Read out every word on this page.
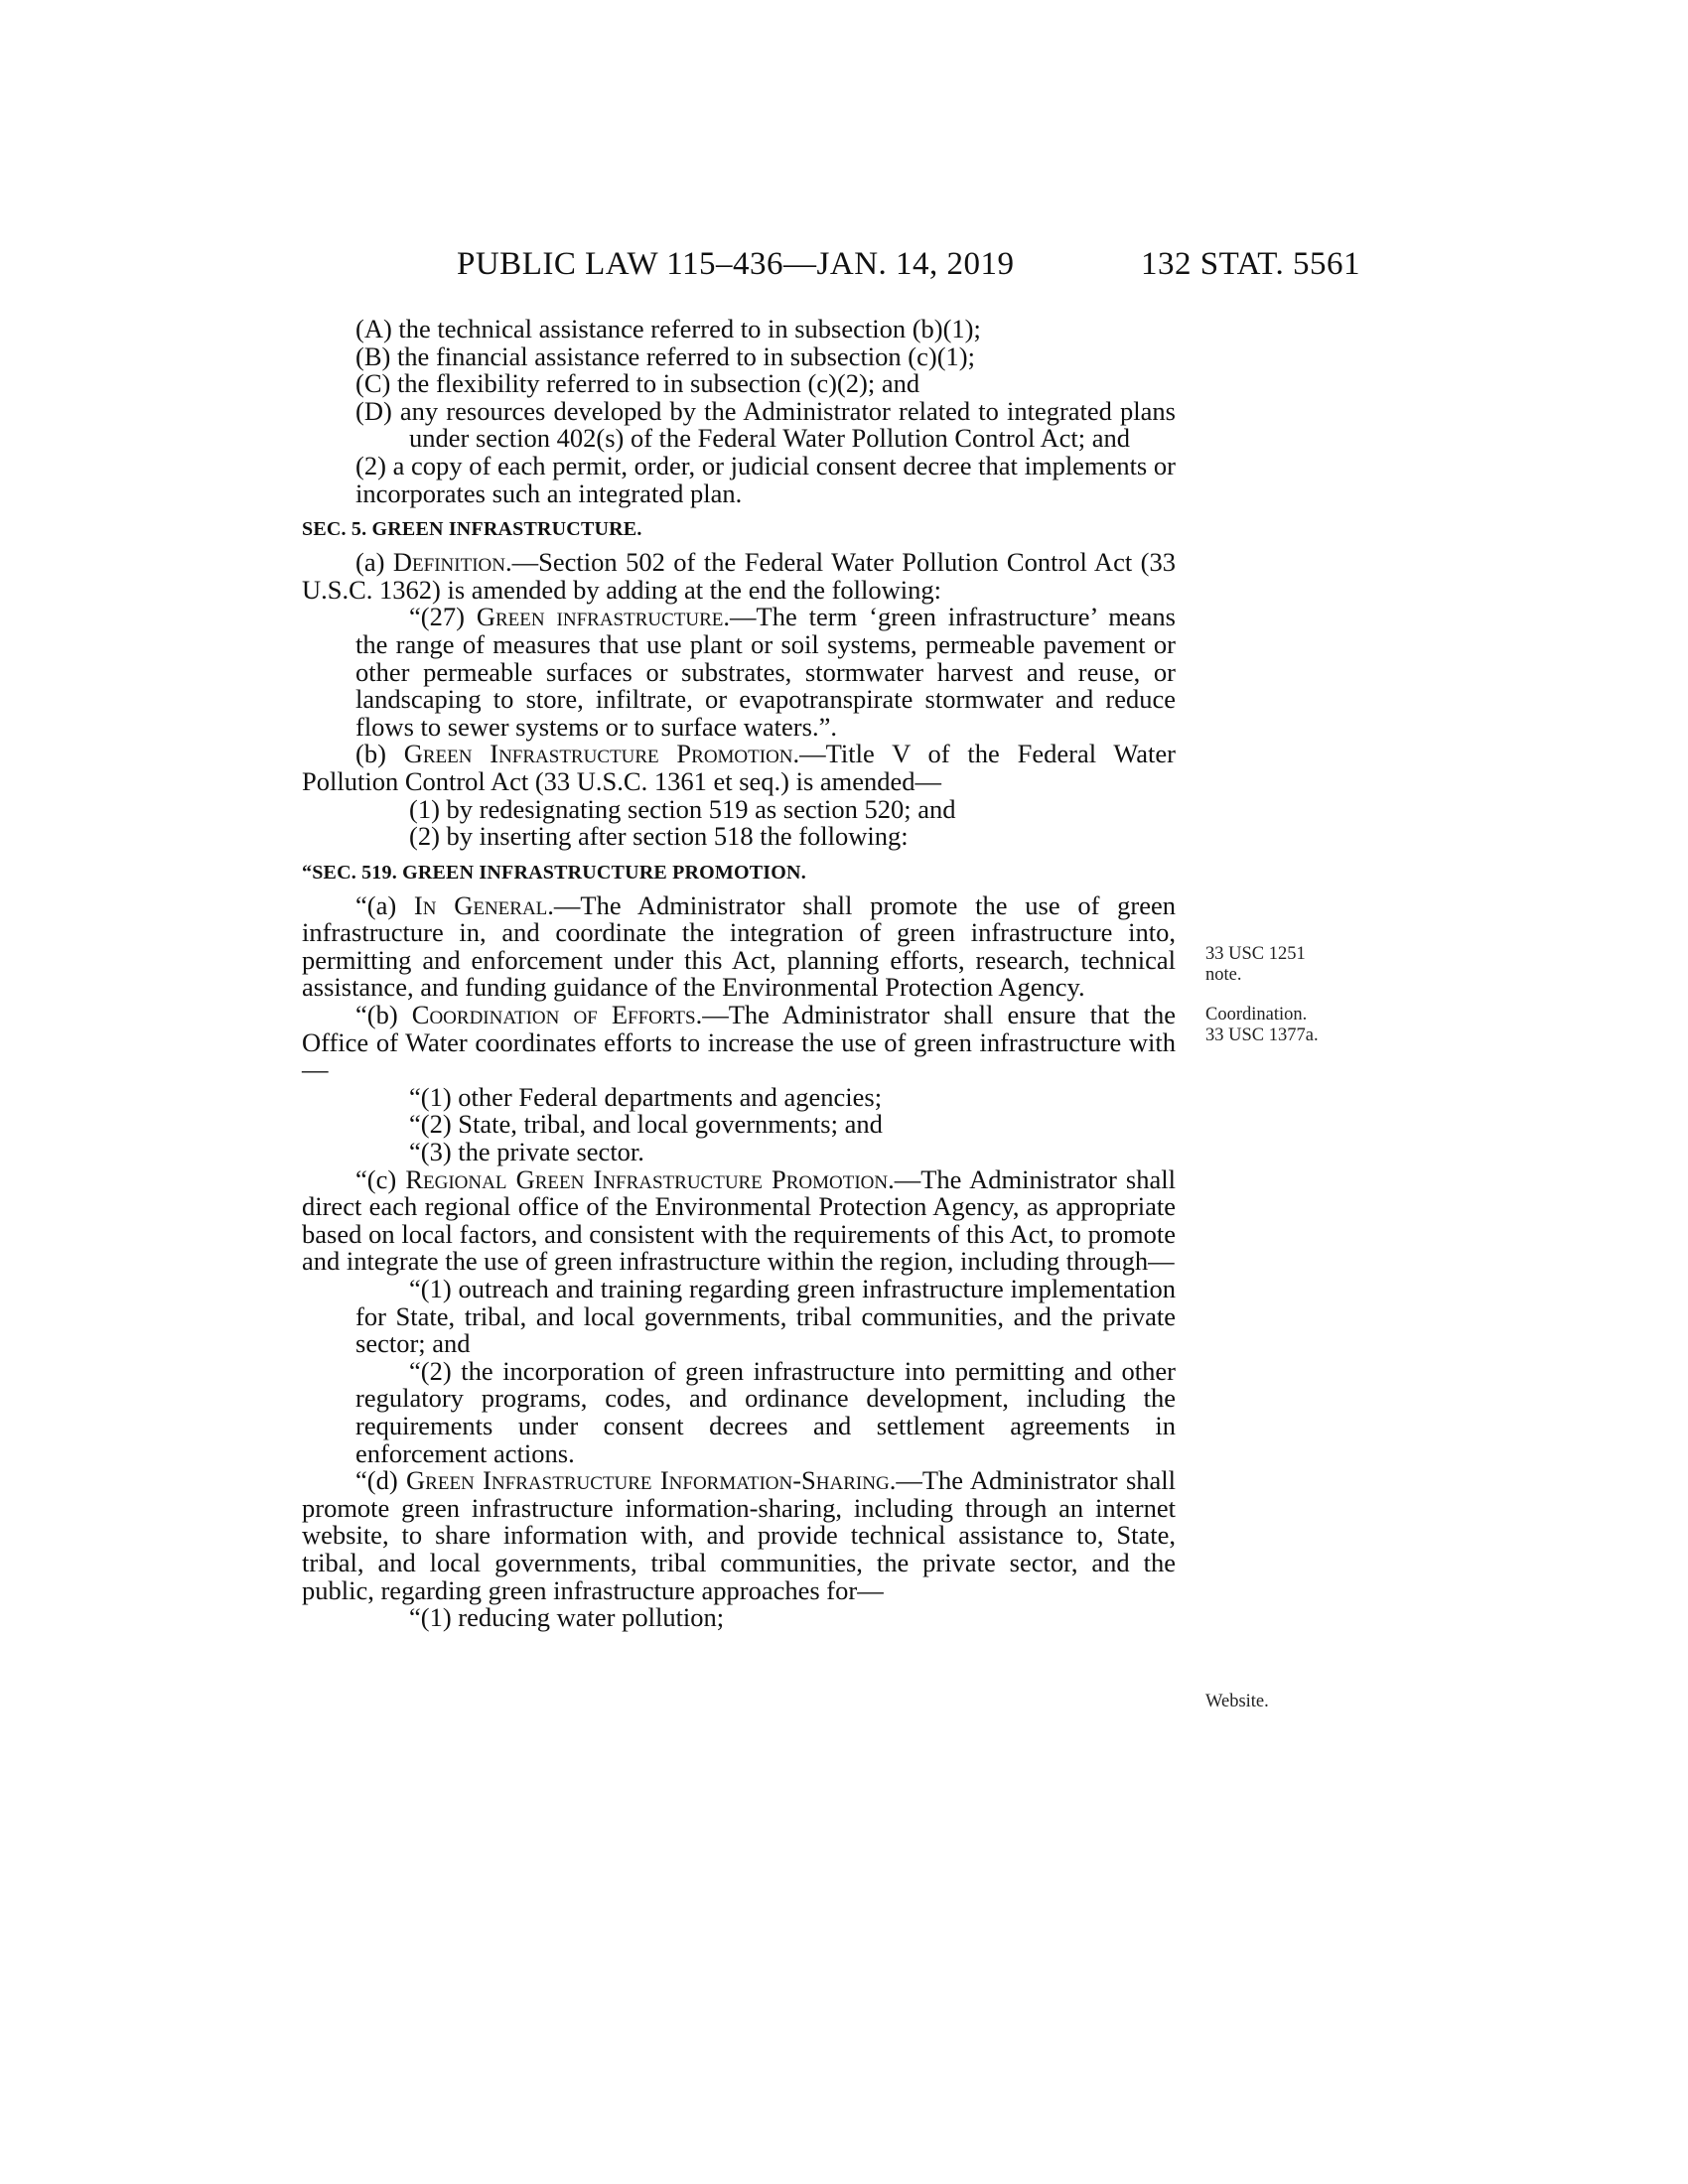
PUBLIC LAW 115–436—JAN. 14, 2019	132 STAT. 5561

(A) the technical assistance referred to in subsection (b)(1);

(B) the financial assistance referred to in subsection (c)(1);

(C) the flexibility referred to in subsection (c)(2); and

(D) any resources developed by the Administrator related to integrated plans under section 402(s) of the Federal Water Pollution Control Act; and

(2) a copy of each permit, order, or judicial consent decree that implements or incorporates such an integrated plan.

SEC. 5. GREEN INFRASTRUCTURE.

(a) Definition.—Section 502 of the Federal Water Pollution Control Act (33 U.S.C. 1362) is amended by adding at the end the following:

“(27) Green infrastructure.—The term ‘green infrastructure’ means the range of measures that use plant or soil systems, permeable pavement or other permeable surfaces or substrates, stormwater harvest and reuse, or landscaping to store, infiltrate, or evapotranspirate stormwater and reduce flows to sewer systems or to surface waters.”.

(b) Green Infrastructure Promotion.—Title V of the Federal Water Pollution Control Act (33 U.S.C. 1361 et seq.) is amended—

(1) by redesignating section 519 as section 520; and

(2) by inserting after section 518 the following:

“SEC. 519. GREEN INFRASTRUCTURE PROMOTION.

“(a) In General.—The Administrator shall promote the use of green infrastructure in, and coordinate the integration of green infrastructure into, permitting and enforcement under this Act, planning efforts, research, technical assistance, and funding guidance of the Environmental Protection Agency.

“(b) Coordination of Efforts.—The Administrator shall ensure that the Office of Water coordinates efforts to increase the use of green infrastructure with—

“(1) other Federal departments and agencies;

“(2) State, tribal, and local governments; and

“(3) the private sector.

“(c) Regional Green Infrastructure Promotion.—The Administrator shall direct each regional office of the Environmental Protection Agency, as appropriate based on local factors, and consistent with the requirements of this Act, to promote and integrate the use of green infrastructure within the region, including through—

“(1) outreach and training regarding green infrastructure implementation for State, tribal, and local governments, tribal communities, and the private sector; and

“(2) the incorporation of green infrastructure into permitting and other regulatory programs, codes, and ordinance development, including the requirements under consent decrees and settlement agreements in enforcement actions.

“(d) Green Infrastructure Information-Sharing.—The Administrator shall promote green infrastructure information-sharing, including through an internet website, to share information with, and provide technical assistance to, State, tribal, and local governments, tribal communities, the private sector, and the public, regarding green infrastructure approaches for—

“(1) reducing water pollution;

33 USC 1251
note.
Coordination.
33 USC 1377a.
Website.
